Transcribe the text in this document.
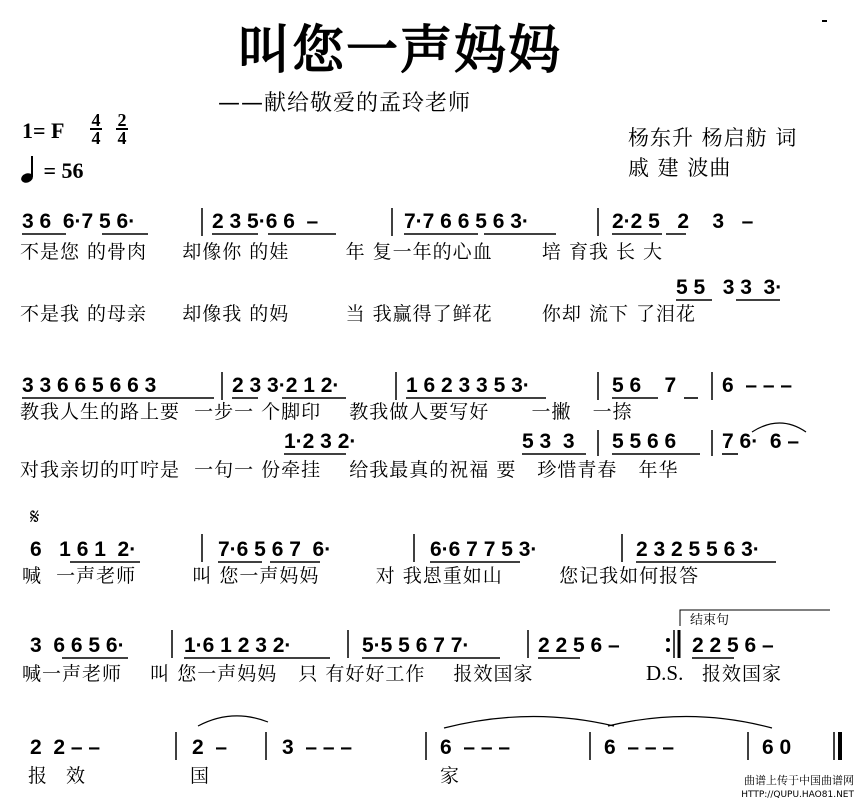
叫您一声妈妈
——献给敬爱的孟玲老师
1= F 4
4
2
4
= 56
杨东升 杨启舫 词
戚 建 波曲
3 6  6·7 5 6·	2 3 5·6 6  –	7·7 6 6 5 6 3·	2·2 5   2    3   –
不是您 的骨肉     却像你 的娃        年 复一年的心血       培 育我 长 大
5 5   3 3  3·
不是我 的母亲     却像我 的妈        当 我赢得了鲜花       你却 流下 了泪花
3 3 6 6 5 6 6 3	2 3 3·2 1 2·	1 6 2 3 3 5 3·	5 6    7 6  – – –
教我人生的路上要  一步一 个脚印    教我做人要写好      一撇   一捺
1·2 3 2·	5 3  3 5 5 6 6 7 6·  6 –
对我亲切的叮咛是  一句一 份牵挂    给我最真的祝福 要   珍惜青春   年华
𝄋
6   1 6 1  2·	7·6 5 6 7  6·	6·6 7 7 5 3·	2 3 2 5 5 6 3·
喊  一声老师        叫 您一声妈妈        对 我恩重如山        您记我如何报答
结束句
3  6 6 5 6·	1·6 1 2 3 2·	5·5 5 6 7 7·	2 2 5 6 –	2 2 5 6 –
喊一声老师    叫 您一声妈妈   只 有好好工作    报效国家	D.S. 报效国家
2  2 – –	2  –	3  – – –	6  – – –	6  – – –	6 0
报 效	国	家	曲谱上传于中国曲谱网
HTTP://QUPU.HAO81.NET
